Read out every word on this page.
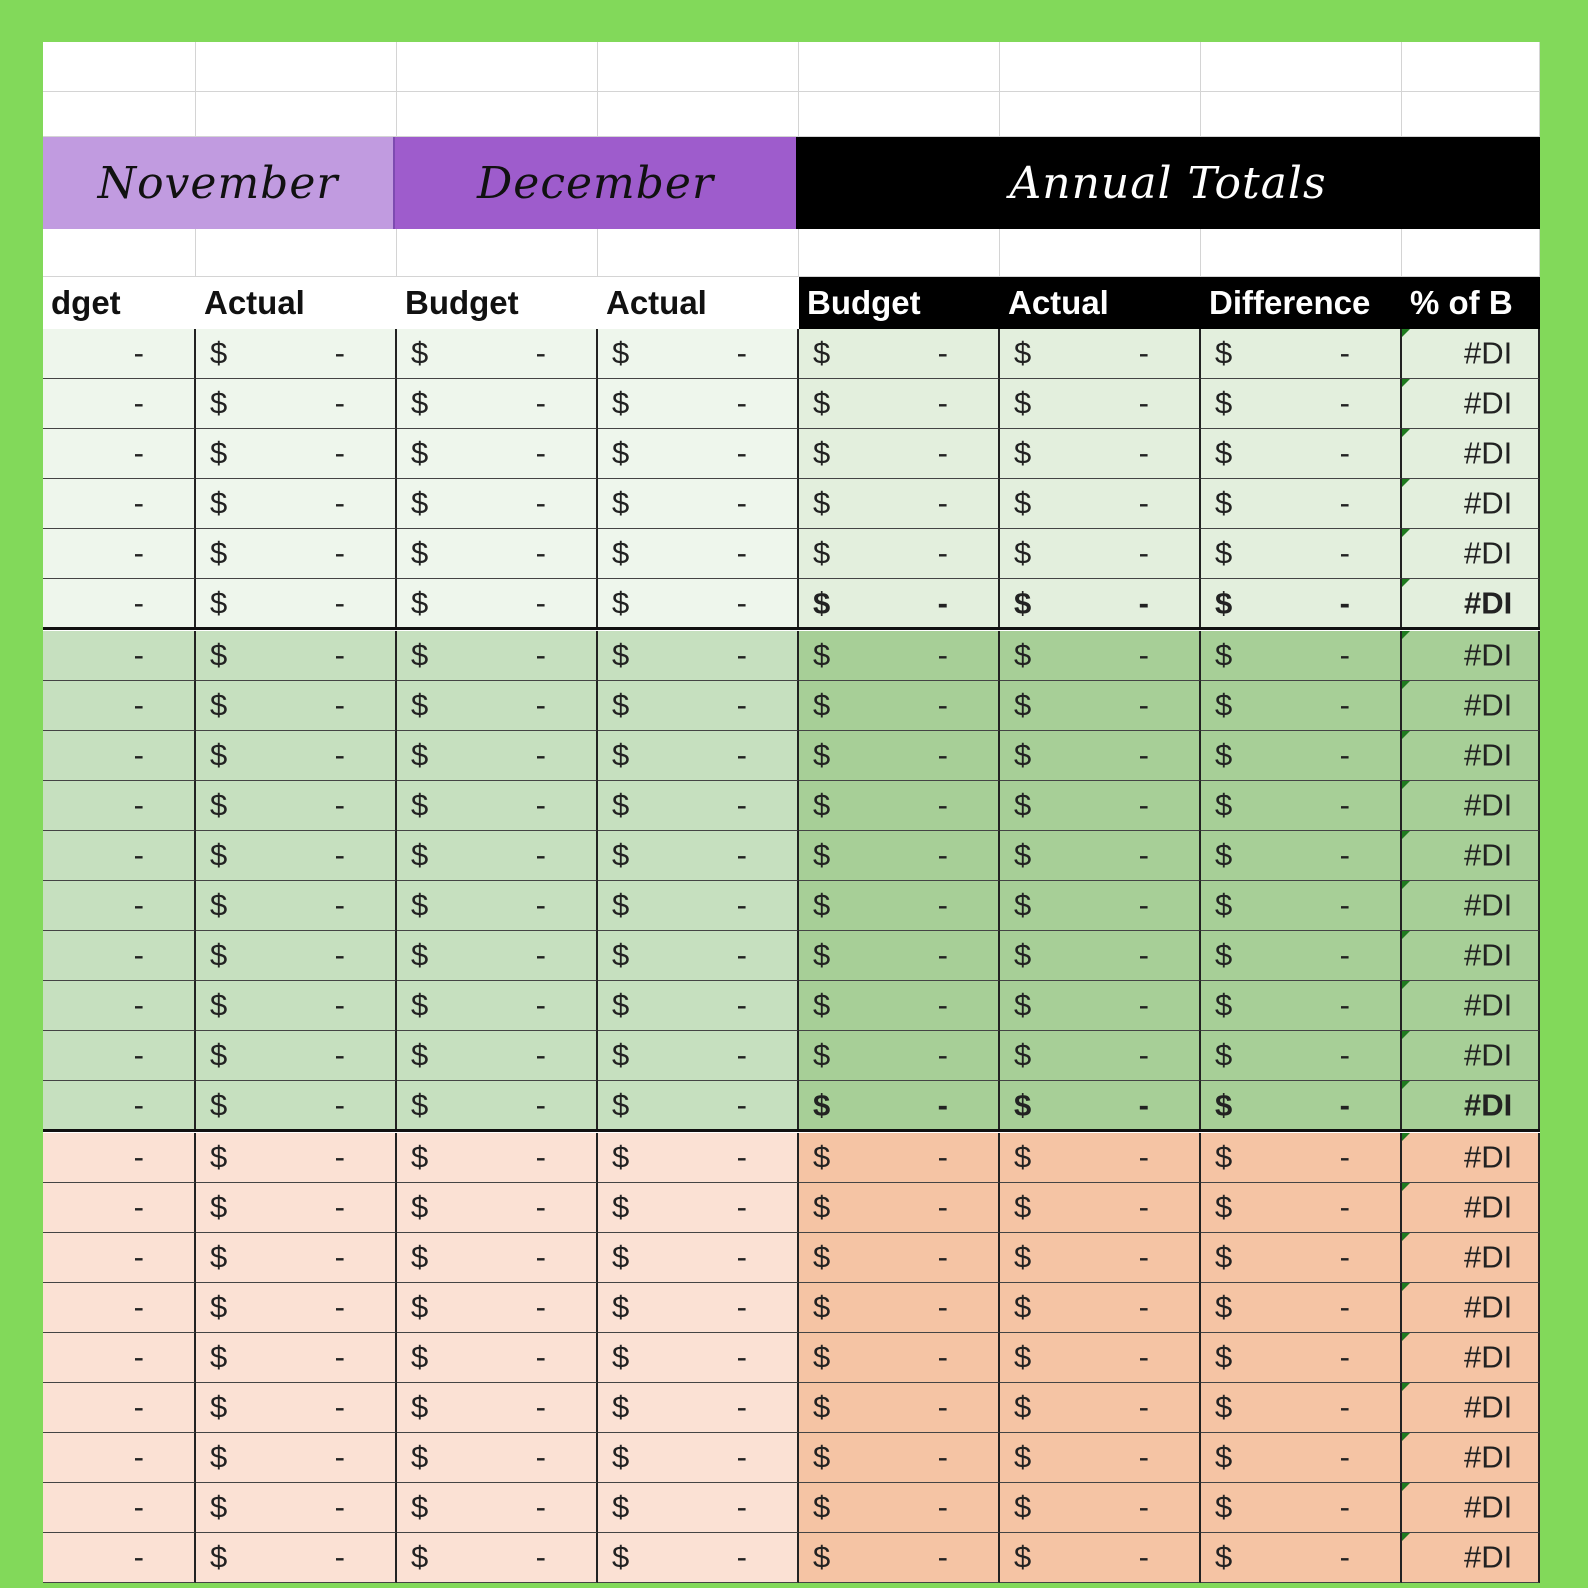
November	December	Annual Totals
dget	Actual	Budget	Actual	Budget	Actual	Difference	% of B
- $	- $	- $	- $	- $	- $	-	#DI
- $	- $	- $	- $	- $	- $	-	#DI
- $	- $	- $	- $	- $	- $	-	#DI
- $	- $	- $	- $	- $	- $	-	#DI
- $	- $	- $	- $	- $	- $	-	#DI
- $	- $	- $	- $	- $	- $	-	#DI
- $	- $	- $	- $	- $	- $	-	#DI
- $	- $	- $	- $	- $	- $	-	#DI
- $	- $	- $	- $	- $	- $	-	#DI
- $	- $	- $	- $	- $	- $	-	#DI
- $	- $	- $	- $	- $	- $	-	#DI
- $	- $	- $	- $	- $	- $	-	#DI
- $	- $	- $	- $	- $	- $	-	#DI
- $	- $	- $	- $	- $	- $	-	#DI
- $	- $	- $	- $	- $	- $	-	#DI
- $	- $	- $	- $	- $	- $	-	#DI
- $	- $	- $	- $	- $	- $	-	#DI
- $	- $	- $	- $	- $	- $	-	#DI
- $	- $	- $	- $	- $	- $	-	#DI
- $	- $	- $	- $	- $	- $	-	#DI
- $	- $	- $	- $	- $	- $	-	#DI
- $	- $	- $	- $	- $	- $	-	#DI
- $	- $	- $	- $	- $	- $	-	#DI
- $	- $	- $	- $	- $	- $	-	#DI
- $	- $	- $	- $	- $	- $	-	#DI
